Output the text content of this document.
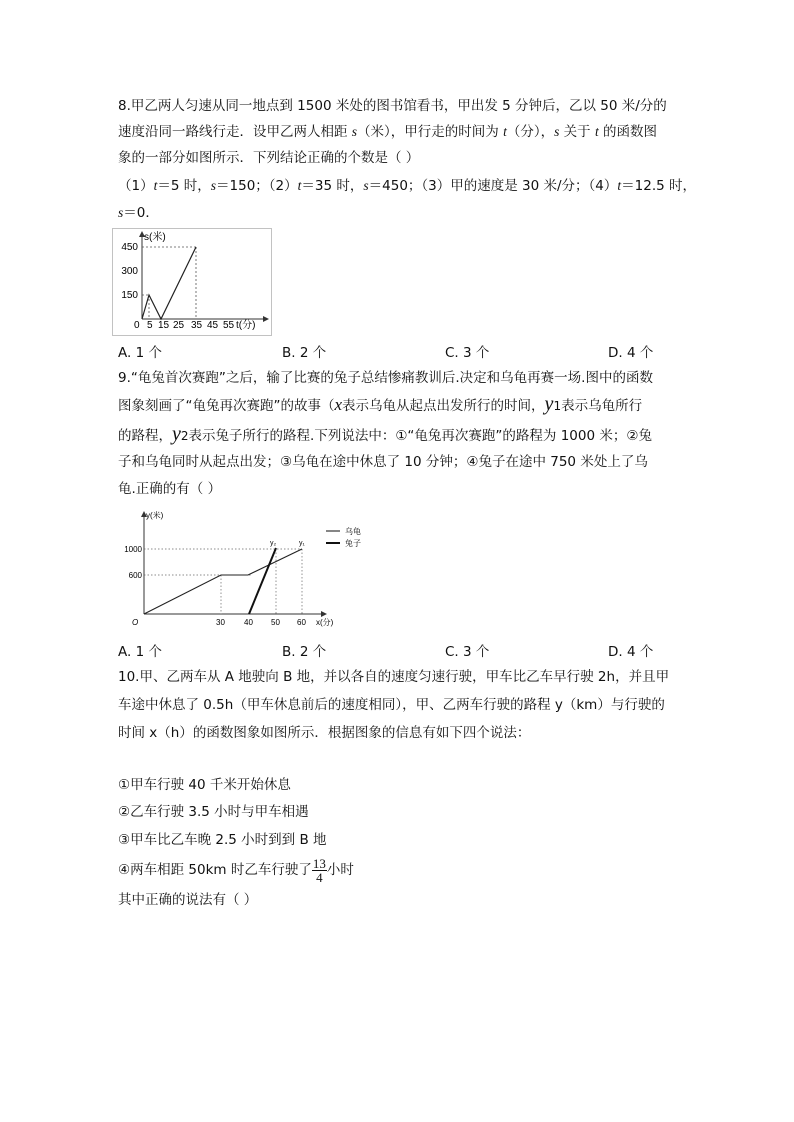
8.甲乙两人匀速从同一地点到 1500 米处的图书馆看书，甲出发 5 分钟后，乙以 50 米/分的
速度沿同一路线行走．设甲乙两人相距 s（米），甲行走的时间为 t（分），s 关于 t 的函数图
象的一部分如图所示．下列结论正确的个数是（ ）
（1）t＝5 时，s＝150；（2）t＝35 时，s＝450；（3）甲的速度是 30 米/分；（4）t＝12.5 时，
s＝0．
s(米)
450
300
150
0 5 15 25 35 45 55 t(分)
A. 1 个	B. 2 个	C. 3 个	D. 4 个
9.“龟兔首次赛跑”之后，输了比赛的兔子总结惨痛教训后.决定和乌龟再赛一场.图中的函数
图象刻画了“龟兔再次赛跑”的故事（x表示乌龟从起点出发所行的时间，y1表示乌龟所行
的路程，y2表示兔子所行的路程.下列说法中：①“龟兔再次赛跑”的路程为 1000 米；②兔
子和乌龟同时从起点出发；③乌龟在途中休息了 10 分钟；④兔子在途中 750 米处上了乌
龟.正确的有（ ）
y(米)
1000
600
O	30 40 50 60 x(分)
y₂	y₁
乌龟
兔子
A. 1 个	B. 2 个	C. 3 个	D. 4 个
10.甲、乙两车从 A 地驶向 B 地，并以各自的速度匀速行驶，甲车比乙车早行驶 2h，并且甲
车途中休息了 0.5h（甲车休息前后的速度相同），甲、乙两车行驶的路程 y（km）与行驶的
时间 x（h）的函数图象如图所示．根据图象的信息有如下四个说法：
①甲车行驶 40 千米开始休息
②乙车行驶 3.5 小时与甲车相遇
③甲车比乙车晚 2.5 小时到到 B 地
④两车相距 50km 时乙车行驶了 $\frac{13}{4}$ 小时
其中正确的说法有（ ）
